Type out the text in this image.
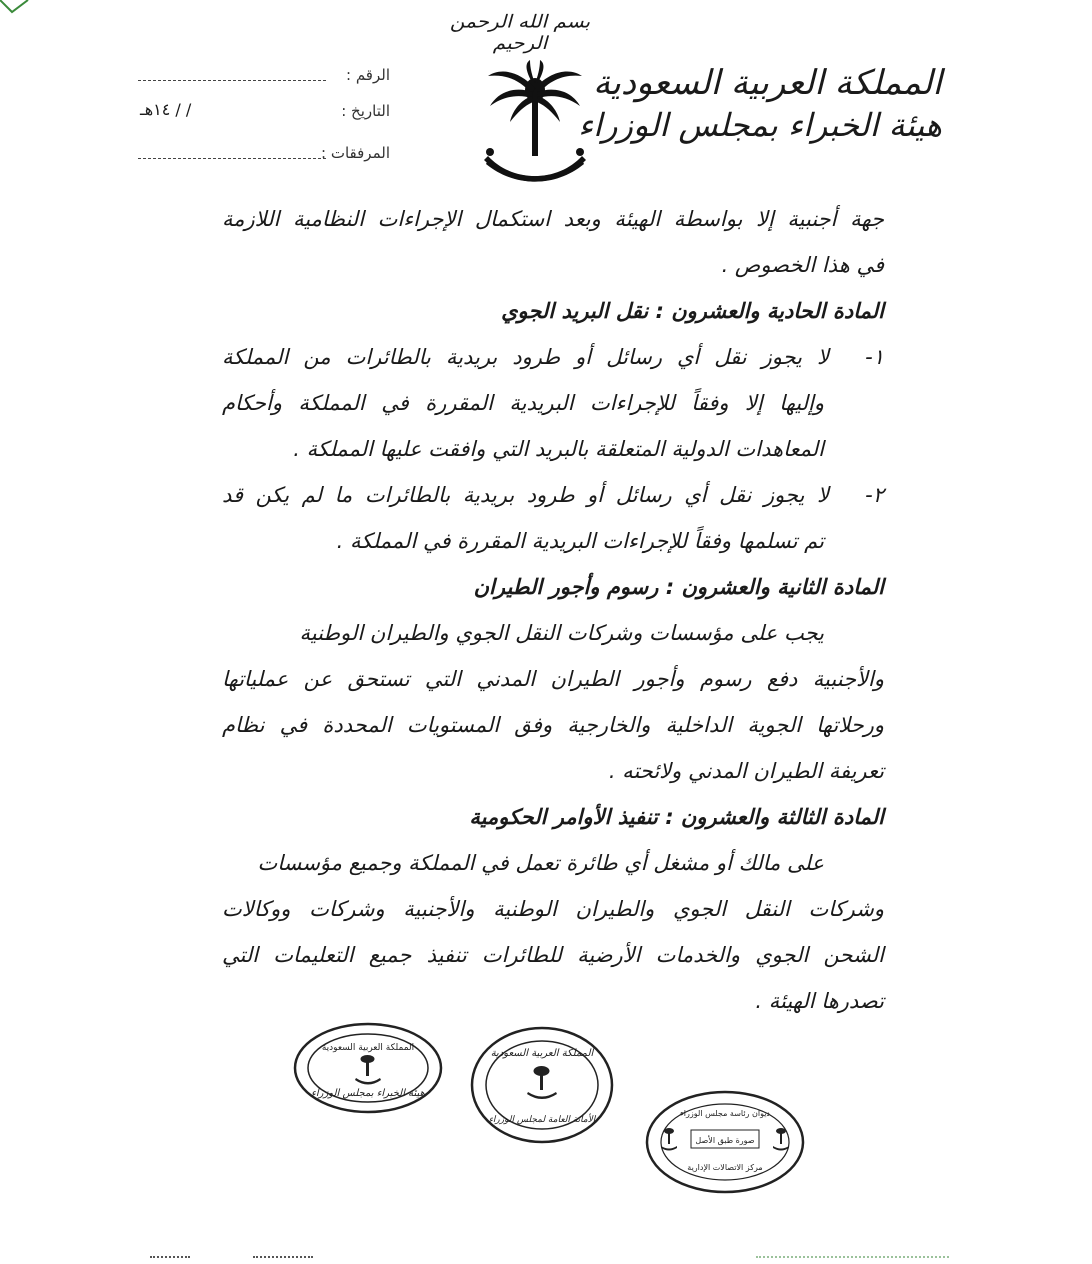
بسم الله الرحمن الرحيم
المملكة العربية السعودية
هيئة الخبراء بمجلس الوزراء
الرقم :
التاريخ :
/ / ١٤هـ
المرفقات :
جهة أجنبية إلا بواسطة الهيئة وبعد استكمال الإجراءات النظامية اللازمة
في هذا الخصوص .
المادة الحادية والعشرون : نقل البريد الجوي
١-لا يجوز نقل أي رسائل أو طرود بريدية بالطائرات من المملكة
وإليها إلا وفقاً للإجراءات البريدية المقررة في المملكة وأحكام
المعاهدات الدولية المتعلقة بالبريد التي وافقت عليها المملكة .
٢-لا يجوز نقل أي رسائل أو طرود بريدية بالطائرات ما لم يكن قد
تم تسلمها وفقاً للإجراءات البريدية المقررة في المملكة .
المادة الثانية والعشرون : رسوم وأجور الطيران
يجب على مؤسسات وشركات النقل الجوي والطيران الوطنية
والأجنبية دفع رسوم وأجور الطيران المدني التي تستحق عن عملياتها
ورحلاتها الجوية الداخلية والخارجية وفق المستويات المحددة في نظام
تعريفة الطيران المدني ولائحته .
المادة الثالثة والعشرون : تنفيذ الأوامر الحكومية
على مالك أو مشغل أي طائرة تعمل في المملكة وجميع مؤسسات
وشركات النقل الجوي والطيران الوطنية والأجنبية وشركات ووكالات
الشحن الجوي والخدمات الأرضية للطائرات تنفيذ جميع التعليمات التي
تصدرها الهيئة .
المملكة العربية السعودية
هيئة الخبراء بمجلس الوزراء
المملكة العربية السعودية
الأمانة العامة لمجلس الوزراء
ديوان رئاسة مجلس الوزراء
صورة طبق الأصل
مركز الاتصالات الإدارية
